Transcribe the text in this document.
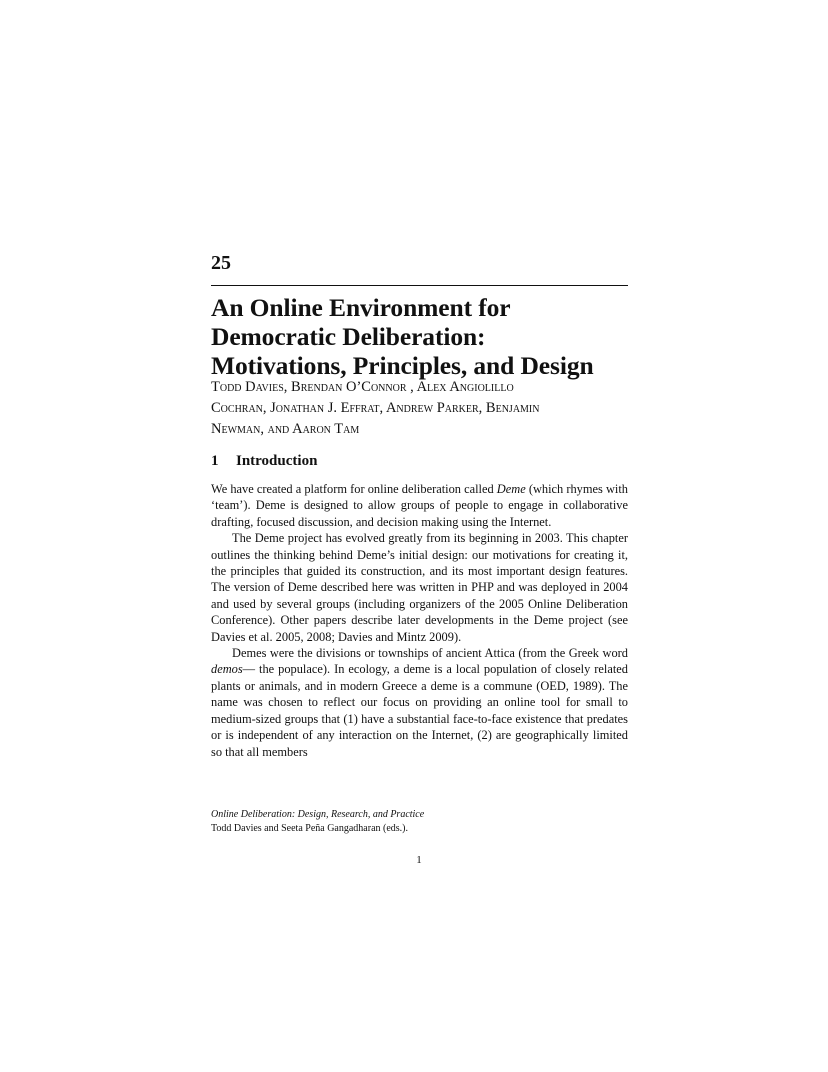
25
An Online Environment for
Democratic Deliberation:
Motivations, Principles, and Design
Todd Davies, Brendan O’Connor , Alex Angiolillo
Cochran, Jonathan J. Effrat, Andrew Parker, Benjamin
Newman, and Aaron Tam
1 Introduction

We have created a platform for online deliberation called Deme (which rhymes with ‘team’). Deme is designed to allow groups of people to engage in collaborative drafting, focused discussion, and decision making using the Internet.

The Deme project has evolved greatly from its beginning in 2003. This chapter outlines the thinking behind Deme’s initial design: our motivations for creating it, the principles that guided its construction, and its most important design features. The version of Deme described here was written in PHP and was deployed in 2004 and used by several groups (including organizers of the 2005 Online Deliberation Conference). Other papers describe later developments in the Deme project (see Davies et al. 2005, 2008; Davies and Mintz 2009).

Demes were the divisions or townships of ancient Attica (from the Greek word demos— the populace). In ecology, a deme is a local population of closely related plants or animals, and in modern Greece a deme is a commune (OED, 1989). The name was chosen to reflect our focus on providing an online tool for small to medium-sized groups that (1) have a substantial face-to-face existence that predates or is independent of any interaction on the Internet, (2) are geographically limited so that all members

Online Deliberation: Design, Research, and Practice
Todd Davies and Seeta Peña Gangadharan (eds.).
1
